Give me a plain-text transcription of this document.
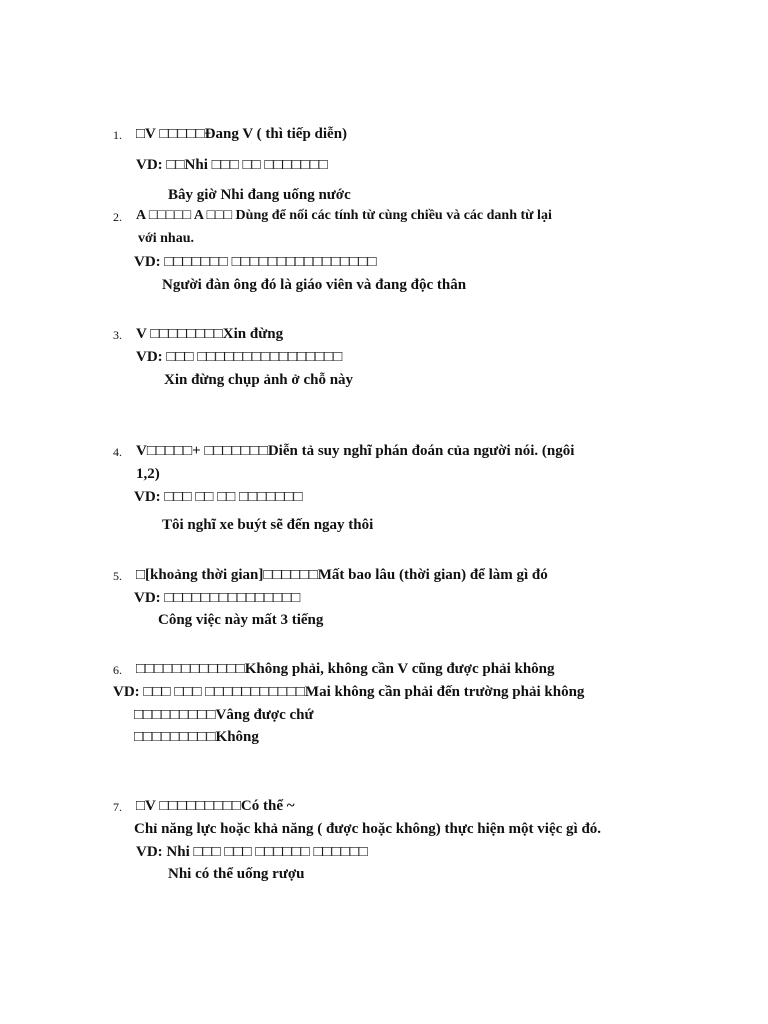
1. □V □□□□□Đang V ( thì tiếp diễn)
VD: □□Nhi □□□ □□ □□□□□□□
Bây giờ Nhi đang uống nước
2. A □□□□□ A □□□ Dùng để nối các tính từ cùng chiều và các danh từ lại
với nhau.
VD: □□□□□□□ □□□□□□□□□□□□□□□□
Người đàn ông đó là giáo viên và đang độc thân
3. V □□□□□□□□Xin đừng
VD: □□□ □□□□□□□□□□□□□□□□
Xin đừng chụp ảnh ở chỗ này
4. V□□□□□+ □□□□□□□Diễn tả suy nghĩ phán đoán của người nói. (ngôi
1,2)
VD: □□□ □□ □□ □□□□□□□
Tôi nghĩ xe buýt sẽ đến ngay thôi
5. □[khoảng thời gian]□□□□□□Mất bao lâu (thời gian) để làm gì đó
VD: □□□□□□□□□□□□□□□
Công việc này mất 3 tiếng
6. □□□□□□□□□□□□Không phải, không cần V cũng được phải không
VD: □□□ □□□ □□□□□□□□□□□Mai không cần phải đến trường phải không
□□□□□□□□□Vâng được chứ
□□□□□□□□□Không
7. □V □□□□□□□□□Có thể ~
Chỉ năng lực hoặc khả năng ( được hoặc không) thực hiện một việc gì đó.
VD: Nhi □□□ □□□ □□□□□□ □□□□□□
Nhi có thể uống rượu
